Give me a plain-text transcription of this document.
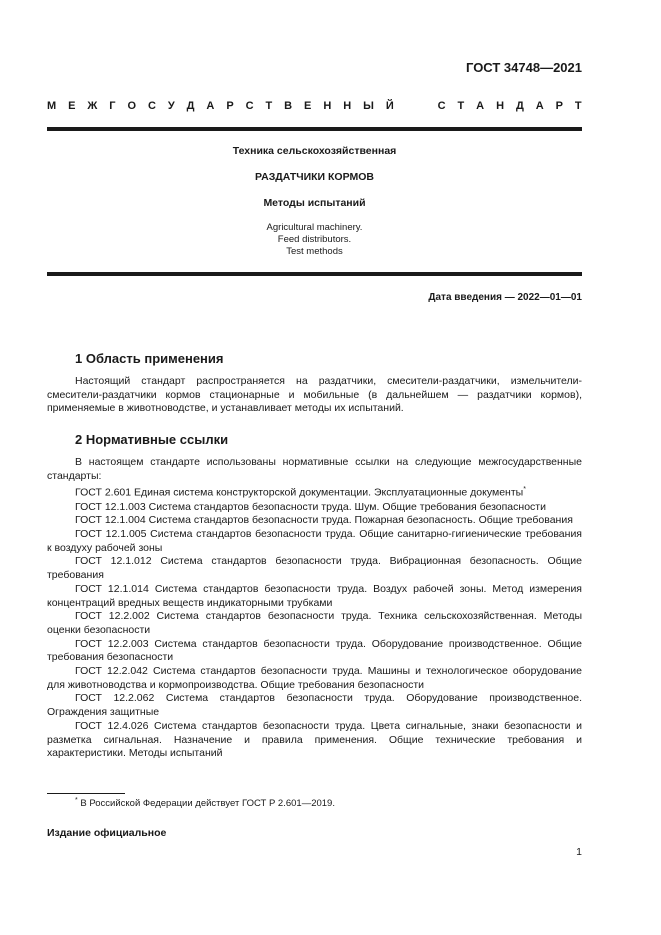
ГОСТ 34748—2021
М Е Ж Г О С У Д А Р С Т В Е Н Н Ы Й	С Т А Н Д А Р Т
Техника сельскохозяйственная
РАЗДАТЧИКИ КОРМОВ
Методы испытаний
Agricultural machinery.
Feed distributors.
Test methods
Дата введения — 2022—01—01
1 Область применения

Настоящий стандарт распространяется на раздатчики, смесители-раздатчики, измельчители-смесители-раздатчики кормов стационарные и мобильные (в дальнейшем — раздатчики кормов), применяемые в животноводстве, и устанавливает методы их испытаний.

2 Нормативные ссылки

В настоящем стандарте использованы нормативные ссылки на следующие межгосударственные стандарты:

ГОСТ 2.601 Единая система конструкторской документации. Эксплуатационные документы*

ГОСТ 12.1.003 Система стандартов безопасности труда. Шум. Общие требования безопасности

ГОСТ 12.1.004 Система стандартов безопасности труда. Пожарная безопасность. Общие требования

ГОСТ 12.1.005 Система стандартов безопасности труда. Общие санитарно-гигиенические требования к воздуху рабочей зоны

ГОСТ 12.1.012 Система стандартов безопасности труда. Вибрационная безопасность. Общие требования

ГОСТ 12.1.014 Система стандартов безопасности труда. Воздух рабочей зоны. Метод измерения концентраций вредных веществ индикаторными трубками

ГОСТ 12.2.002 Система стандартов безопасности труда. Техника сельскохозяйственная. Методы оценки безопасности

ГОСТ 12.2.003 Система стандартов безопасности труда. Оборудование производственное. Общие требования безопасности

ГОСТ 12.2.042 Система стандартов безопасности труда. Машины и технологическое оборудование для животноводства и кормопроизводства. Общие требования безопасности

ГОСТ 12.2.062 Система стандартов безопасности труда. Оборудование производственное. Ограждения защитные

ГОСТ 12.4.026 Система стандартов безопасности труда. Цвета сигнальные, знаки безопасности и разметка сигнальная. Назначение и правила применения. Общие технические требования и характеристики. Методы испытаний

* В Российской Федерации действует ГОСТ Р 2.601—2019.
Издание официальное
1
